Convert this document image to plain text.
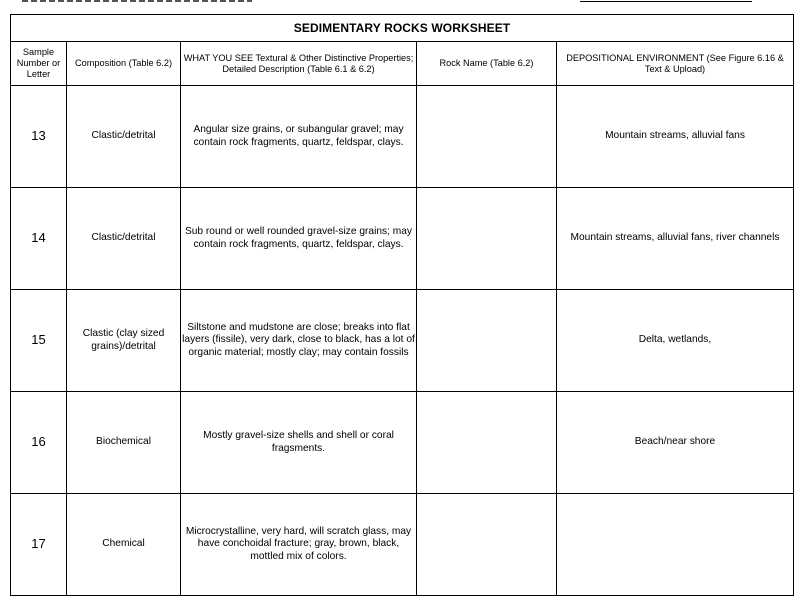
SEDIMENTARY ROCKS WORKSHEET				

Sample Number or Letter	Composition (Table 6.2)	WHAT YOU SEE Textural & Other Distinctive Properties; Detailed Description (Table 6.1 & 6.2)	Rock Name (Table 6.2)	DEPOSITIONAL ENVIRONMENT (See Figure 6.16 & Text & Upload)

13	Clastic/detrital	Angular size grains, or subangular gravel; may contain rock fragments, quartz, feldspar, clays.		Mountain streams, alluvial fans

14	Clastic/detrital	Sub round or well rounded gravel-size grains; may contain rock fragments, quartz, feldspar, clays.		Mountain streams, alluvial fans, river channels

15	Clastic (clay sized grains)/detrital	Siltstone and mudstone are close; breaks into flat layers (fissile), very dark, close to black, has a lot of organic material; mostly clay; may contain fossils		Delta, wetlands,

16	Biochemical	Mostly gravel-size shells and shell or coral fragsments.		Beach/near shore

17	Chemical	Microcrystalline, very hard, will scratch glass, may have conchoidal fracture; gray, brown, black, mottled mix of colors.		
